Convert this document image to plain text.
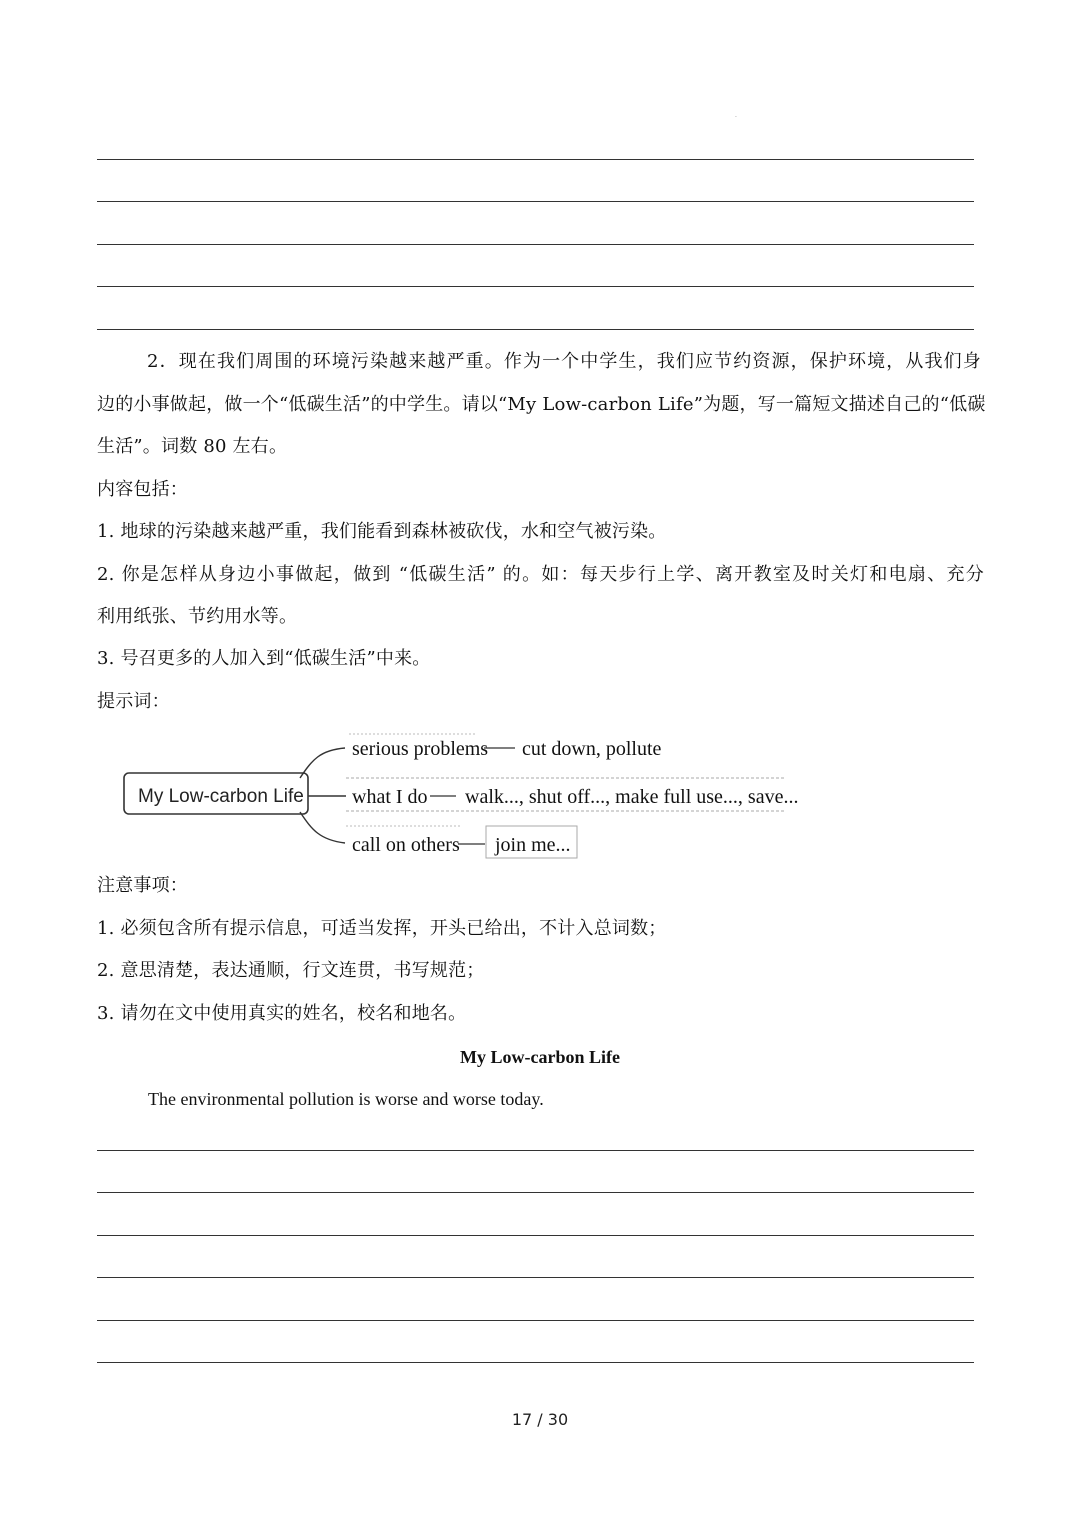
.
2．现在我们周围的环境污染越来越严重。作为一个中学生，我们应节约资源，保护环境，从我们身
边的小事做起，做一个“低碳生活”的中学生。请以“My Low-carbon Life”为题，写一篇短文描述自己的“低碳
生活”。词数 80 左右。
内容包括：
1. 地球的污染越来越严重，我们能看到森林被砍伐，水和空气被污染。
2. 你是怎样从身边小事做起，做到 “低碳生活” 的。如：每天步行上学、离开教室及时关灯和电扇、充分
利用纸张、节约用水等。
3. 号召更多的人加入到“低碳生活”中来。
提示词：
My Low-carbon Life
serious problems cut down, pollute
what I do walk..., shut off..., make full use..., save...
call on others join me...
注意事项：
1. 必须包含所有提示信息，可适当发挥，开头已给出，不计入总词数；
2. 意思清楚，表达通顺，行文连贯，书写规范；
3. 请勿在文中使用真实的姓名，校名和地名。
My Low-carbon Life
The environmental pollution is worse and worse today.
17 / 30
